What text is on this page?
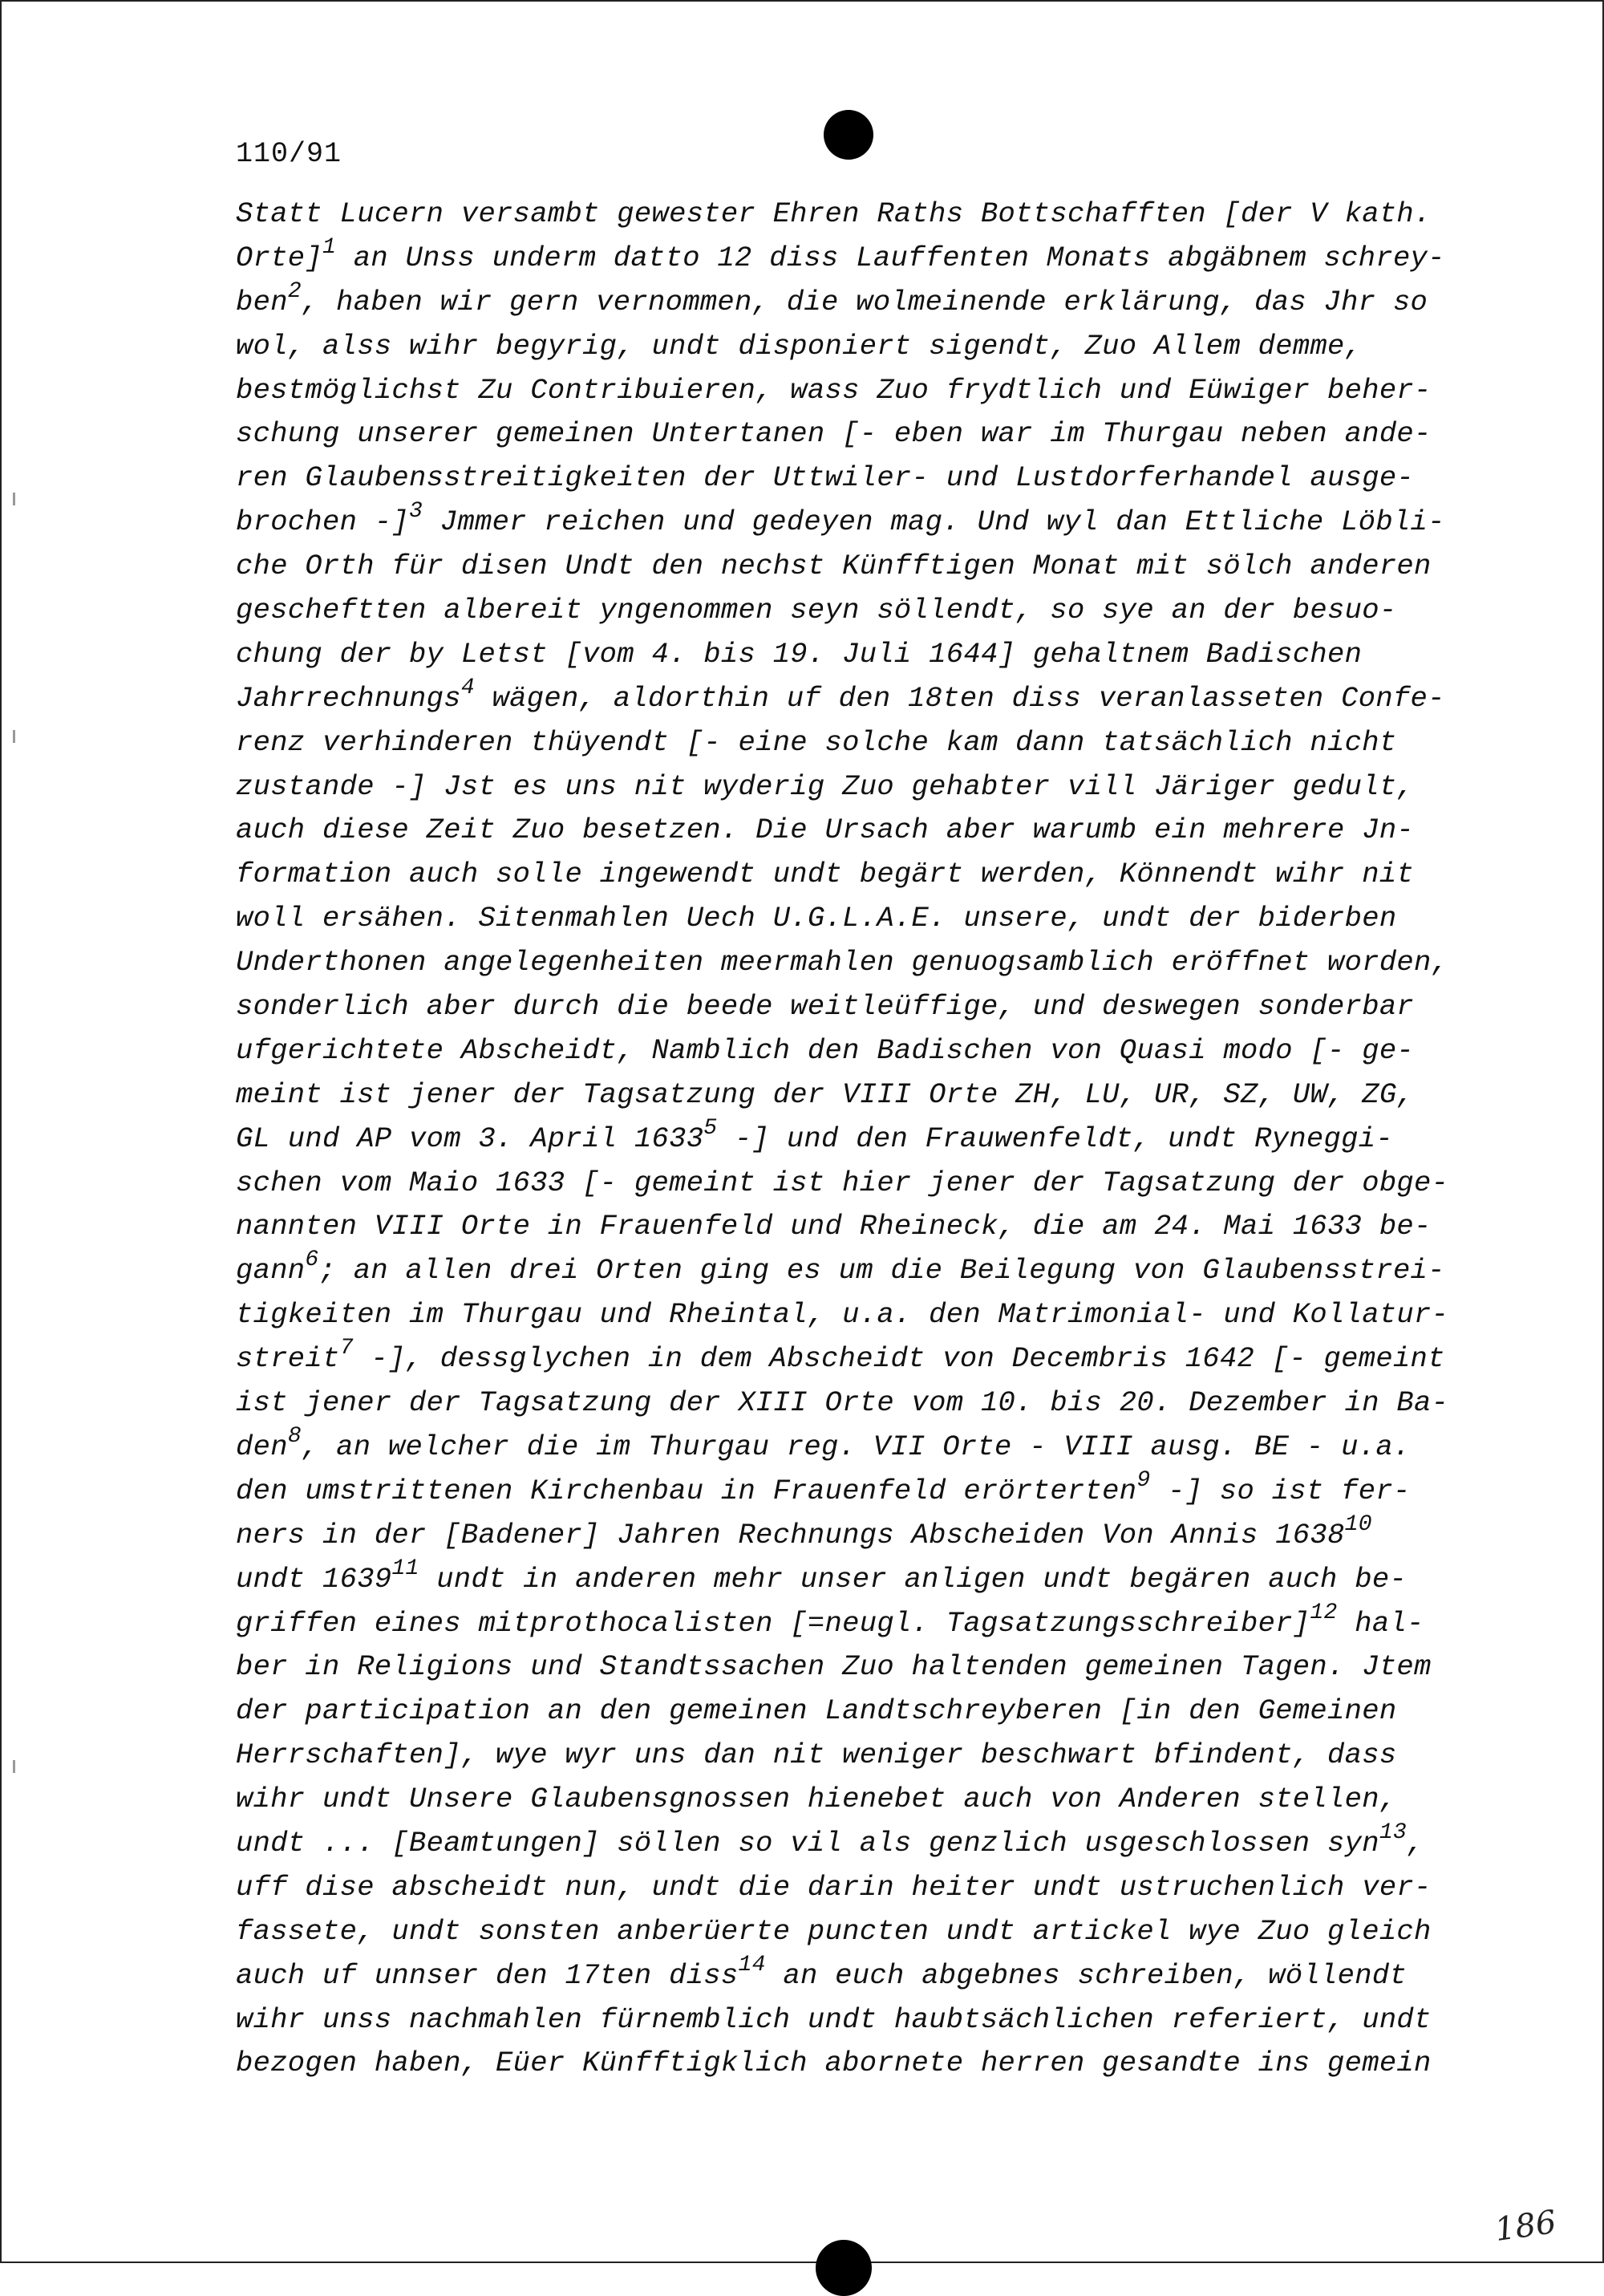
110/91
Statt Lucern versambt gewester Ehren Raths Bottschafften [der V kath.
Orte]$^1$ an Unss underm datto 12 diss Lauffenten Monats abgäbnem schrey-
ben$^2$, haben wir gern vernommen, die wolmeinende erklärung, das Jhr so
wol, alss wihr begyrig, undt disponiert sigendt, Zuo Allem demme,
bestmöglichst Zu Contribuieren, wass Zuo frydtlich und Eüwiger beher-
schung unserer gemeinen Untertanen [- eben war im Thurgau neben ande-
ren Glaubensstreitigkeiten der Uttwiler- und Lustdorferhandel ausge-
brochen -]$^3$ Jmmer reichen und gedeyen mag. Und wyl dan Ettliche Löbli-
che Orth für disen Undt den nechst Künfftigen Monat mit sölch anderen
gescheftten albereit yngenommen seyn söllendt, so sye an der besuo-
chung der by Letst [vom 4. bis 19. Juli 1644] gehaltnem Badischen
Jahrrechnungs$^4$ wägen, aldorthin uf den 18ten diss veranlasseten Confe-
renz verhinderen thüyendt [- eine solche kam dann tatsächlich nicht
zustande -] Jst es uns nit wyderig Zuo gehabter vill Järiger gedult,
auch diese Zeit Zuo besetzen. Die Ursach aber warumb ein mehrere Jn-
formation auch solle ingewendt undt begärt werden, Könnendt wihr nit
woll ersähen. Sitenmahlen Uech U.G.L.A.E. unsere, undt der biderben
Underthonen angelegenheiten meermahlen genuogsamblich eröffnet worden,
sonderlich aber durch die beede weitleüffige, und deswegen sonderbar
ufgerichtete Abscheidt, Namblich den Badischen von Quasi modo [- ge-
meint ist jener der Tagsatzung der VIII Orte ZH, LU, UR, SZ, UW, ZG,
GL und AP vom 3. April 1633$^5$ -] und den Frauwenfeldt, undt Ryneggi-
schen vom Maio 1633 [- gemeint ist hier jener der Tagsatzung der obge-
nannten VIII Orte in Frauenfeld und Rheineck, die am 24. Mai 1633 be-
gann$^6$; an allen drei Orten ging es um die Beilegung von Glaubensstrei-
tigkeiten im Thurgau und Rheintal, u.a. den Matrimonial- und Kollatur-
streit$^7$ -], dessglychen in dem Abscheidt von Decembris 1642 [- gemeint
ist jener der Tagsatzung der XIII Orte vom 10. bis 20. Dezember in Ba-
den$^8$, an welcher die im Thurgau reg. VII Orte - VIII ausg. BE - u.a.
den umstrittenen Kirchenbau in Frauenfeld erörterten$^9$ -] so ist fer-
ners in der [Badener] Jahren Rechnungs Abscheiden Von Annis 1638$^{10}$
undt 1639$^{11}$ undt in anderen mehr unser anligen undt begären auch be-
griffen eines mitprothocalisten [=neugl. Tagsatzungsschreiber]$^{12}$ hal-
ber in Religions und Standtssachen Zuo haltenden gemeinen Tagen. Jtem
der participation an den gemeinen Landtschreyberen [in den Gemeinen
Herrschaften], wye wyr uns dan nit weniger beschwart bfindent, dass
wihr undt Unsere Glaubensgnossen hienebet auch von Anderen stellen,
undt ... [Beamtungen] söllen so vil als genzlich usgeschlossen syn$^{13}$,
uff dise abscheidt nun, undt die darin heiter undt ustruchenlich ver-
fassete, undt sonsten anberüerte puncten undt artickel wye Zuo gleich
auch uf unnser den 17ten diss$^{14}$ an euch abgebnes schreiben, wöllendt
wihr unss nachmahlen fürnemblich undt haubtsächlichen referiert, undt
bezogen haben, Eüer Künfftigklich abornete herren gesandte ins gemein
186
